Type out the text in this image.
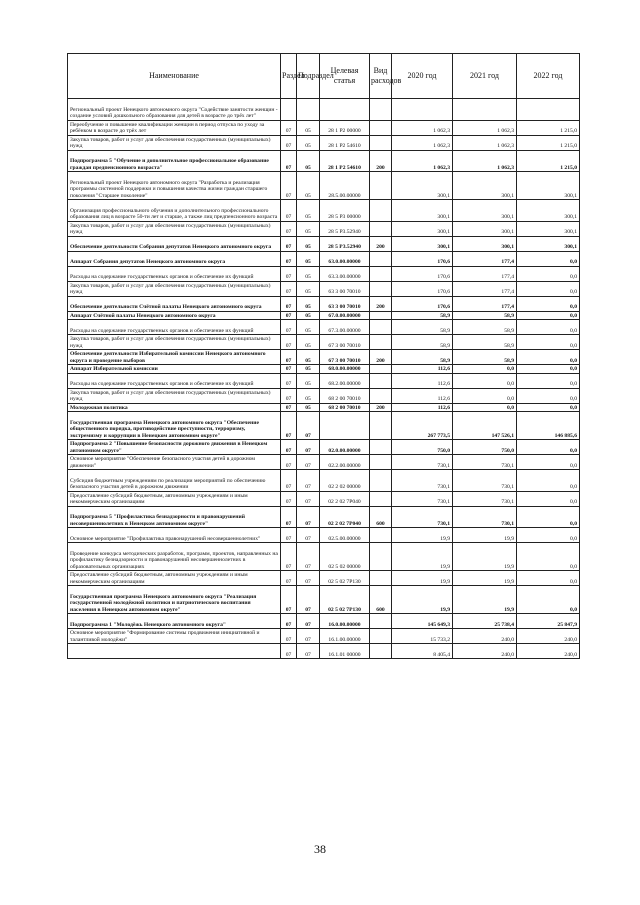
Наименование	Раздел	Подраздел	Целевая статья	Вид расходов	2020 год	2021 год	2022 год
Региональный проект Ненецкого автономного округа "Содействие занятости женщин - создание условий дошкольного образования для детей в возрасте до трёх лет"							
Переобучение и повышение квалификации женщин в период отпуска по уходу за ребёнком в возрасте до трёх лет	07	05	28 1 P2 00000		1 062,3	1 062,3	1 215,0
Закупка товаров, работ и услуг для обеспечения государственных (муниципальных) нужд	07	05	28 1 P2 54610		1 062,3	1 062,3	1 215,0
Подпрограмма 5 "Обучение и дополнительное профессиональное образование граждан предпенсионного возраста"	07	05	28 1 P2 54610	200	1 062,3	1 062,3	1 215,0
Региональный проект Ненецкого автономного округа "Разработка и реализация программы системной поддержки и повышения качества жизни граждан старшего поколения "Старшее поколение"	07	05	28.5.00.00000		300,1	300,1	300,1
Организация профессионального обучения и дополнительного профессионального образования лиц в возрасте 50-ти лет и старше, а также лиц предпенсионного возраста	07	05	28 5 P3 00000		300,1	300,1	300,1
Закупка товаров, работ и услуг для обеспечения государственных (муниципальных) нужд	07	05	28 5 P3.52940		300,1	300,1	300,1
Обеспечение деятельности Собрания депутатов Ненецкого автономного округа	07	05	28 5 P3.52940	200	300,1	300,1	300,1
Аппарат Собрания депутатов Ненецкого автономного округа	07	05	63.0.00.00000		170,6	177,4	0,0
Расходы на содержание государственных органов и обеспечение их функций	07	05	63.3.00.00000		170,6	177,4	0,0
Закупка товаров, работ и услуг для обеспечения государственных (муниципальных) нужд	07	05	63 3 00 70010		170,6	177,4	0,0
Обеспечение деятельности Счётной палаты Ненецкого автономного округа	07	05	63 3 00 70010	200	170,6	177,4	0,0
Аппарат Счётной палаты Ненецкого автономного округа	07	05	67.0.00.00000		58,9	58,9	0,0
Расходы на содержание государственных органов и обеспечение их функций	07	05	67.3.00.00000		58,9	58,9	0,0
Закупка товаров, работ и услуг для обеспечения государственных (муниципальных) нужд	07	05	67 3 00 70010		58,9	58,9	0,0
Обеспечение деятельности Избирательной комиссии Ненецкого автономного округа и проведение выборов	07	05	67 3 00 70010	200	58,9	58,9	0,0
Аппарат Избирательной комиссии	07	05	68.0.00.00000		112,6	0,0	0,0
Расходы на содержание государственных органов и обеспечение их функций	07	05	68.2.00.00000		112,6	0,0	0,0
Закупка товаров, работ и услуг для обеспечения государственных (муниципальных) нужд	07	05	68 2 00 70010		112,6	0,0	0,0
Молодежная политика	07	05	68 2 00 70010	200	112,6	0,0	0,0
Государственная программа Ненецкого автономного округа "Обеспечение общественного порядка, противодействие преступности, терроризму, экстремизму и коррупции в Ненецком автономном округе"	07	07			267 773,5	147 526,1	146 885,6
Подпрограмма 2 "Повышение безопасности дорожного движения в Ненецком автономном округе"	07	07	02.0.00.00000		750,0	750,0	0,0
Основное мероприятие "Обеспечение безопасного участия детей в дорожном движении"	07	07	02.2.00.00000		730,1	730,1	0,0
Субсидия бюджетным учреждениям по реализации мероприятий по обеспечению безопасного участия детей в дорожном движении	07	07	02 2 02 00000		730,1	730,1	0,0
Предоставление субсидий бюджетным, автономным учреждениям и иным некоммерческим организациям	07	07	02 2 02 7P040		730,1	730,1	0,0
Подпрограмма 5 "Профилактика безнадзорности и правонарушений несовершеннолетних в Ненецком автономном округе"	07	07	02 2 02 7P040	600	730,1	730,1	0,0
Основное мероприятие "Профилактика правонарушений несовершеннолетних"	07	07	02.5.00.00000		19,9	19,9	0,0
Проведение конкурса методических разработок, программ, проектов, направленных на профилактику безнадзорности и правонарушений несовершеннолетних в образовательных организациях	07	07	02 5 02 00000		19,9	19,9	0,0
Предоставление субсидий бюджетным, автономным учреждениям и иным некоммерческим организациям	07	07	02 5 02 7P130		19,9	19,9	0,0
Государственная программа Ненецкого автономного округа "Реализация государственной молодёжной политики и патриотического воспитания населения в Ненецком автономном округе"	07	07	02 5 02 7P130	600	19,9	19,9	0,0
Подпрограмма 1 "Молодёжь Ненецкого автономного округа"	07	07	16.0.00.00000		145 649,3	25 738,4	25 847,9
Основное мероприятие "Формирование системы продвижения инициативной и талантливой молодёжи"	07	07	16.1.00.00000		15 733,2	240,0	240,0
	07	07	16.1.01 00000		8 405,4	240,0	240,0
38
